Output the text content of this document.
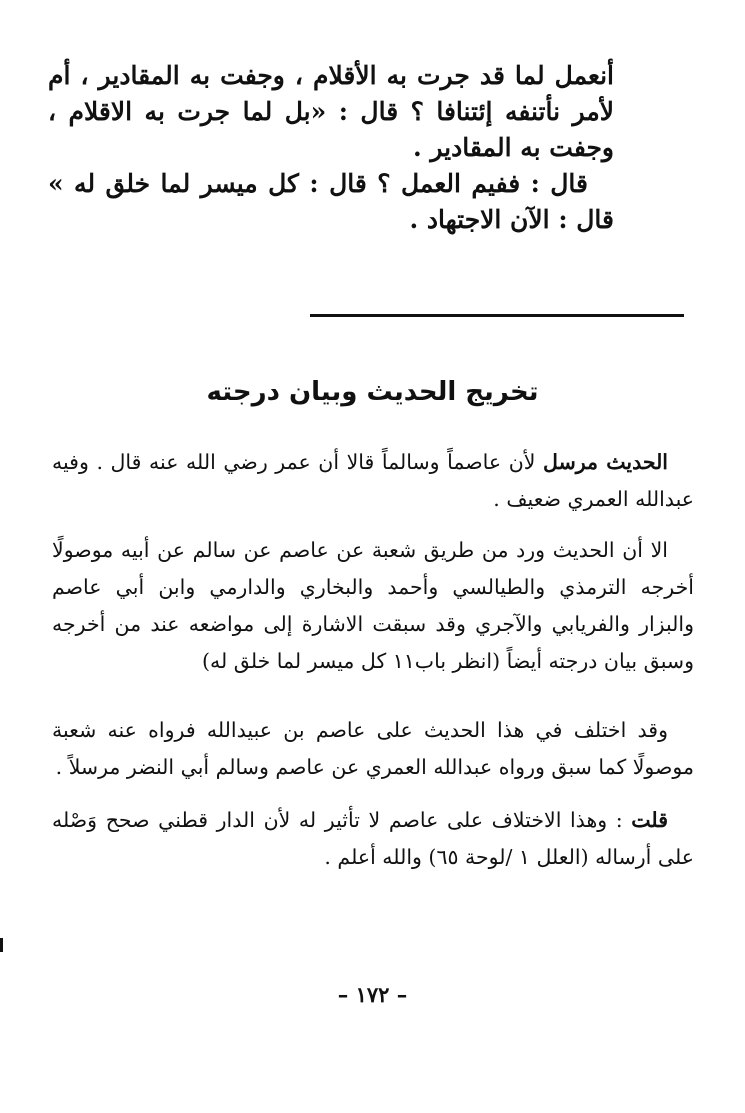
أنعمل لما قد جرت به الأقلام ، وجفت به المقادير ، أم لأمر نأتنفه إئتنافا ؟ قال : «بل لما جرت به الاقلام ، وجفت به المقادير .

قال : ففيم العمل ؟ قال : كل ميسر لما خلق له » قال : الآن الاجتهاد .

تخريج الحديث وبيان درجته
الحديث مرسل لأن عاصماً وسالماً قالا أن عمر رضي الله عنه قال . وفيه عبدالله العمري ضعيف .
الا أن الحديث ورد من طريق شعبة عن عاصم عن سالم عن أبيه موصولًا أخرجه الترمذي والطيالسي وأحمد والبخاري والدارمي وابن أبي عاصم والبزار والفريابي والآجري وقد سبقت الاشارة إلى مواضعه عند من أخرجه وسبق بيان درجته أيضاً (انظر باب١١ كل ميسر لما خلق له)
وقد اختلف في هذا الحديث على عاصم بن عبيدالله فرواه عنه شعبة موصولًا كما سبق ورواه عبدالله العمري عن عاصم وسالم أبي النضر مرسلاً .
قلت : وهذا الاختلاف على عاصم لا تأثير له لأن الدار قطني صحح وَصْله على أرساله (العلل ١ /لوحة ٦٥) والله أعلم .
– ١٧٢ –
